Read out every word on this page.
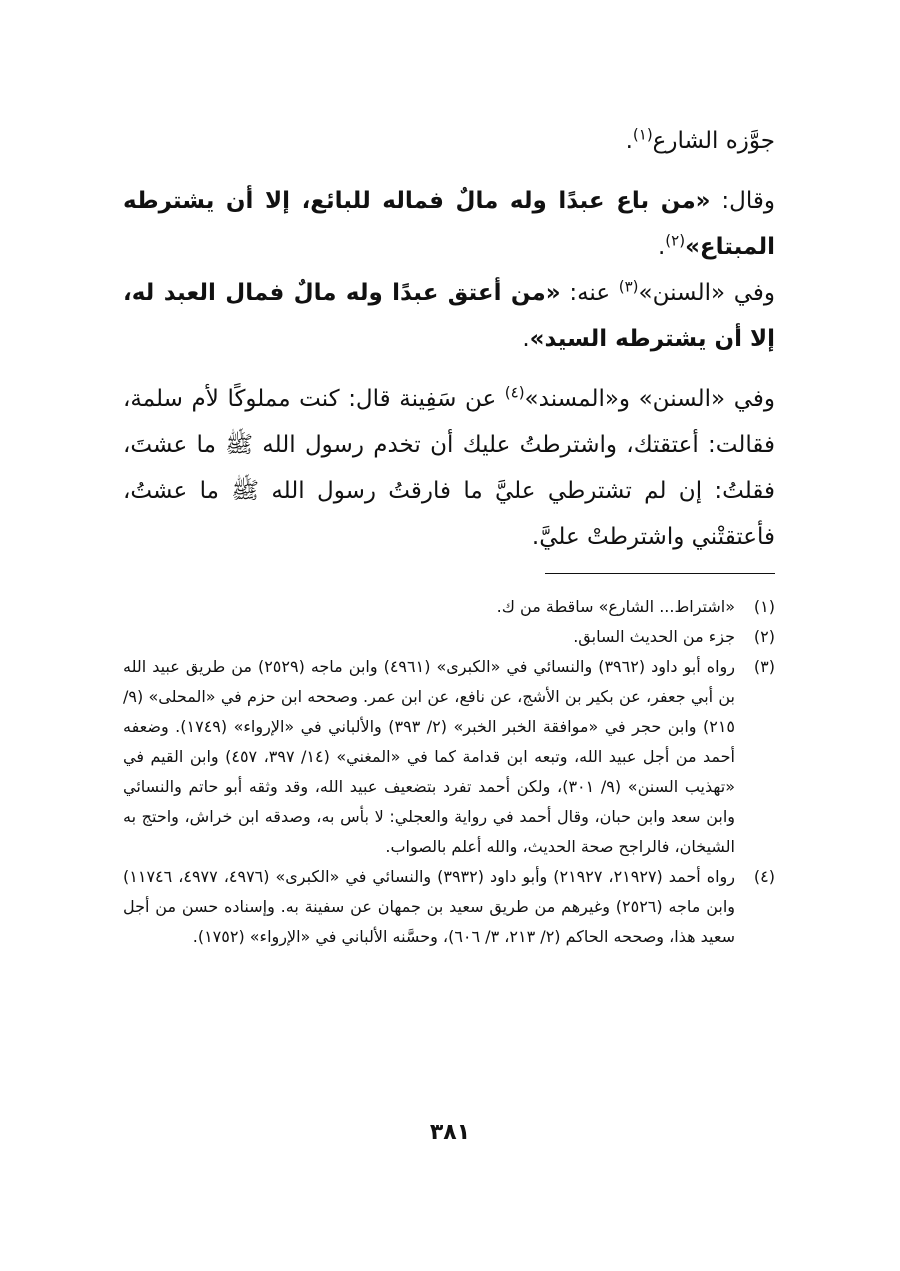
جوَّزه الشارع$^{(١)}$.

وقال: «من باع عبدًا وله مالٌ فماله للبائع، إلا أن يشترطه المبتاع»$^{(٢)}$.

وفي «السنن»$^{(٣)}$ عنه: «من أعتق عبدًا وله مالٌ فمال العبد له، إلا أن يشترطه السيد».

وفي «السنن» و«المسند»$^{(٤)}$ عن سَفِينة قال: كنت مملوكًا لأم سلمة، فقالت: أعتقتك، واشترطتُ عليك أن تخدم رسول الله ﷺ ما عشتَ، فقلتُ: إن لم تشترطي عليَّ ما فارقتُ رسول الله ﷺ ما عشتُ، فأعتقتْني واشترطتْ عليَّ.

(١)
«اشتراط... الشارع» ساقطة من ك.
(٢)
جزء من الحديث السابق.
(٣)
رواه أبو داود (٣٩٦٢) والنسائي في «الكبرى» (٤٩٦١) وابن ماجه (٢٥٢٩) من طريق عبيد الله بن أبي جعفر، عن بكير بن الأشج، عن نافع، عن ابن عمر. وصححه ابن حزم في «المحلى» (٩/ ٢١٥) وابن حجر في «موافقة الخبر الخبر» (٢/ ٣٩٣) والألباني في «الإرواء» (١٧٤٩). وضعفه أحمد من أجل عبيد الله، وتبعه ابن قدامة كما في «المغني» (١٤/ ٣٩٧، ٤٥٧) وابن القيم في «تهذيب السنن» (٩/ ٣٠١)، ولكن أحمد تفرد بتضعيف عبيد الله، وقد وثقه أبو حاتم والنسائي وابن سعد وابن حبان، وقال أحمد في رواية والعجلي: لا بأس به، وصدقه ابن خراش، واحتج به الشيخان، فالراجح صحة الحديث، والله أعلم بالصواب.
(٤)
رواه أحمد (٢١٩٢٧، ٢١٩٢٧) وأبو داود (٣٩٣٢) والنسائي في «الكبرى» (٤٩٧٦، ٤٩٧٧، ١١٧٤٦) وابن ماجه (٢٥٢٦) وغيرهم من طريق سعيد بن جمهان عن سفينة به. وإسناده حسن من أجل سعيد هذا، وصححه الحاكم (٢/ ٢١٣، ٣/ ٦٠٦)، وحسَّنه الألباني في «الإرواء» (١٧٥٢).
٣٨١
